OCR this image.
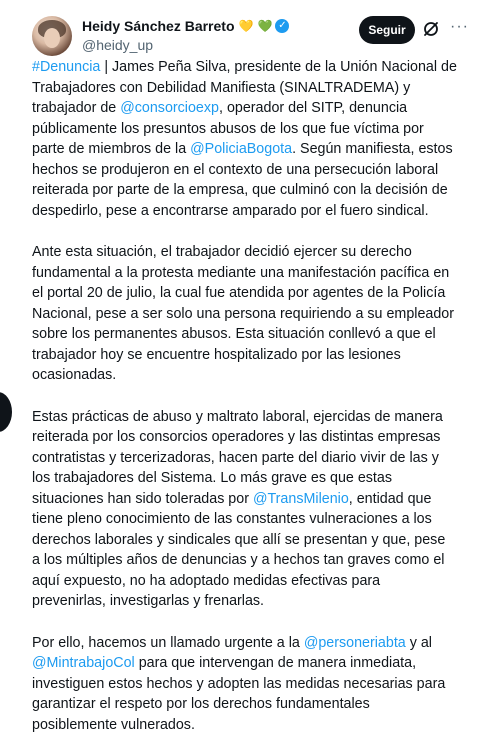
Heidy Sánchez Barreto 💛 💚 ✓
@heidy_up
Seguir	···

#Denuncia | James Peña Silva, presidente de la Unión Nacional de Trabajadores con Debilidad Manifiesta (SINALTRADEMA) y trabajador de @consorcioexp, operador del SITP, denuncia públicamente los presuntos abusos de los que fue víctima por parte de miembros de la @PoliciaBogota. Según manifiesta, estos hechos se produjeron en el contexto de una persecución laboral reiterada por parte de la empresa, que culminó con la decisión de despedirlo, pese a encontrarse amparado por el fuero sindical.

Ante esta situación, el trabajador decidió ejercer su derecho fundamental a la protesta mediante una manifestación pacífica en el portal 20 de julio, la cual fue atendida por agentes de la Policía Nacional, pese a ser solo una persona requiriendo a su empleador sobre los permanentes abusos. Esta situación conllevó a que el trabajador hoy se encuentre hospitalizado por las lesiones ocasionadas.

Estas prácticas de abuso y maltrato laboral, ejercidas de manera reiterada por los consorcios operadores y las distintas empresas contratistas y tercerizadoras, hacen parte del diario vivir de las y los trabajadores del Sistema. Lo más grave es que estas situaciones han sido toleradas por @TransMilenio, entidad que tiene pleno conocimiento de las constantes vulneraciones a los derechos laborales y sindicales que allí se presentan y que, pese a los múltiples años de denuncias y a hechos tan graves como el aquí expuesto, no ha adoptado medidas efectivas para prevenirlas, investigarlas y frenarlas.

Por ello, hacemos un llamado urgente a la @personeriabta y al @MintrabajoCol para que intervengan de manera inmediata, investiguen estos hechos y adopten las medidas necesarias para garantizar el respeto por los derechos fundamentales posiblemente vulnerados.
